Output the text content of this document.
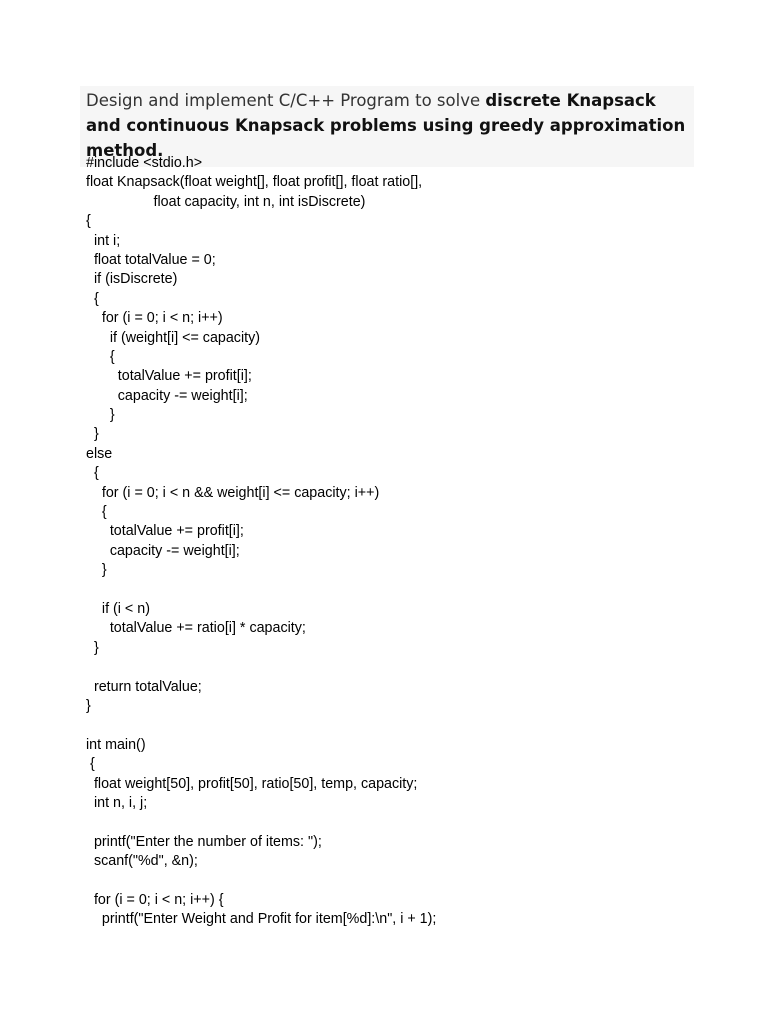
Design and implement C/C++ Program to solve discrete Knapsack and continuous Knapsack problems using greedy approximation method.
#include <stdio.h>
float Knapsack(float weight[], float profit[], float ratio[],
float capacity, int n, int isDiscrete)
{
int i;
float totalValue = 0;
if (isDiscrete)
{
for (i = 0; i < n; i++)
if (weight[i] <= capacity)
{
totalValue += profit[i];
capacity -= weight[i];
}
}
else
{
for (i = 0; i < n && weight[i] <= capacity; i++)
{
totalValue += profit[i];
capacity -= weight[i];
}
if (i < n)
totalValue += ratio[i] * capacity;
}
return totalValue;
}
int main()
{
float weight[50], profit[50], ratio[50], temp, capacity;
int n, i, j;
printf("Enter the number of items: ");
scanf("%d", &n);
for (i = 0; i < n; i++) {
printf("Enter Weight and Profit for item[%d]:\n", i + 1);
